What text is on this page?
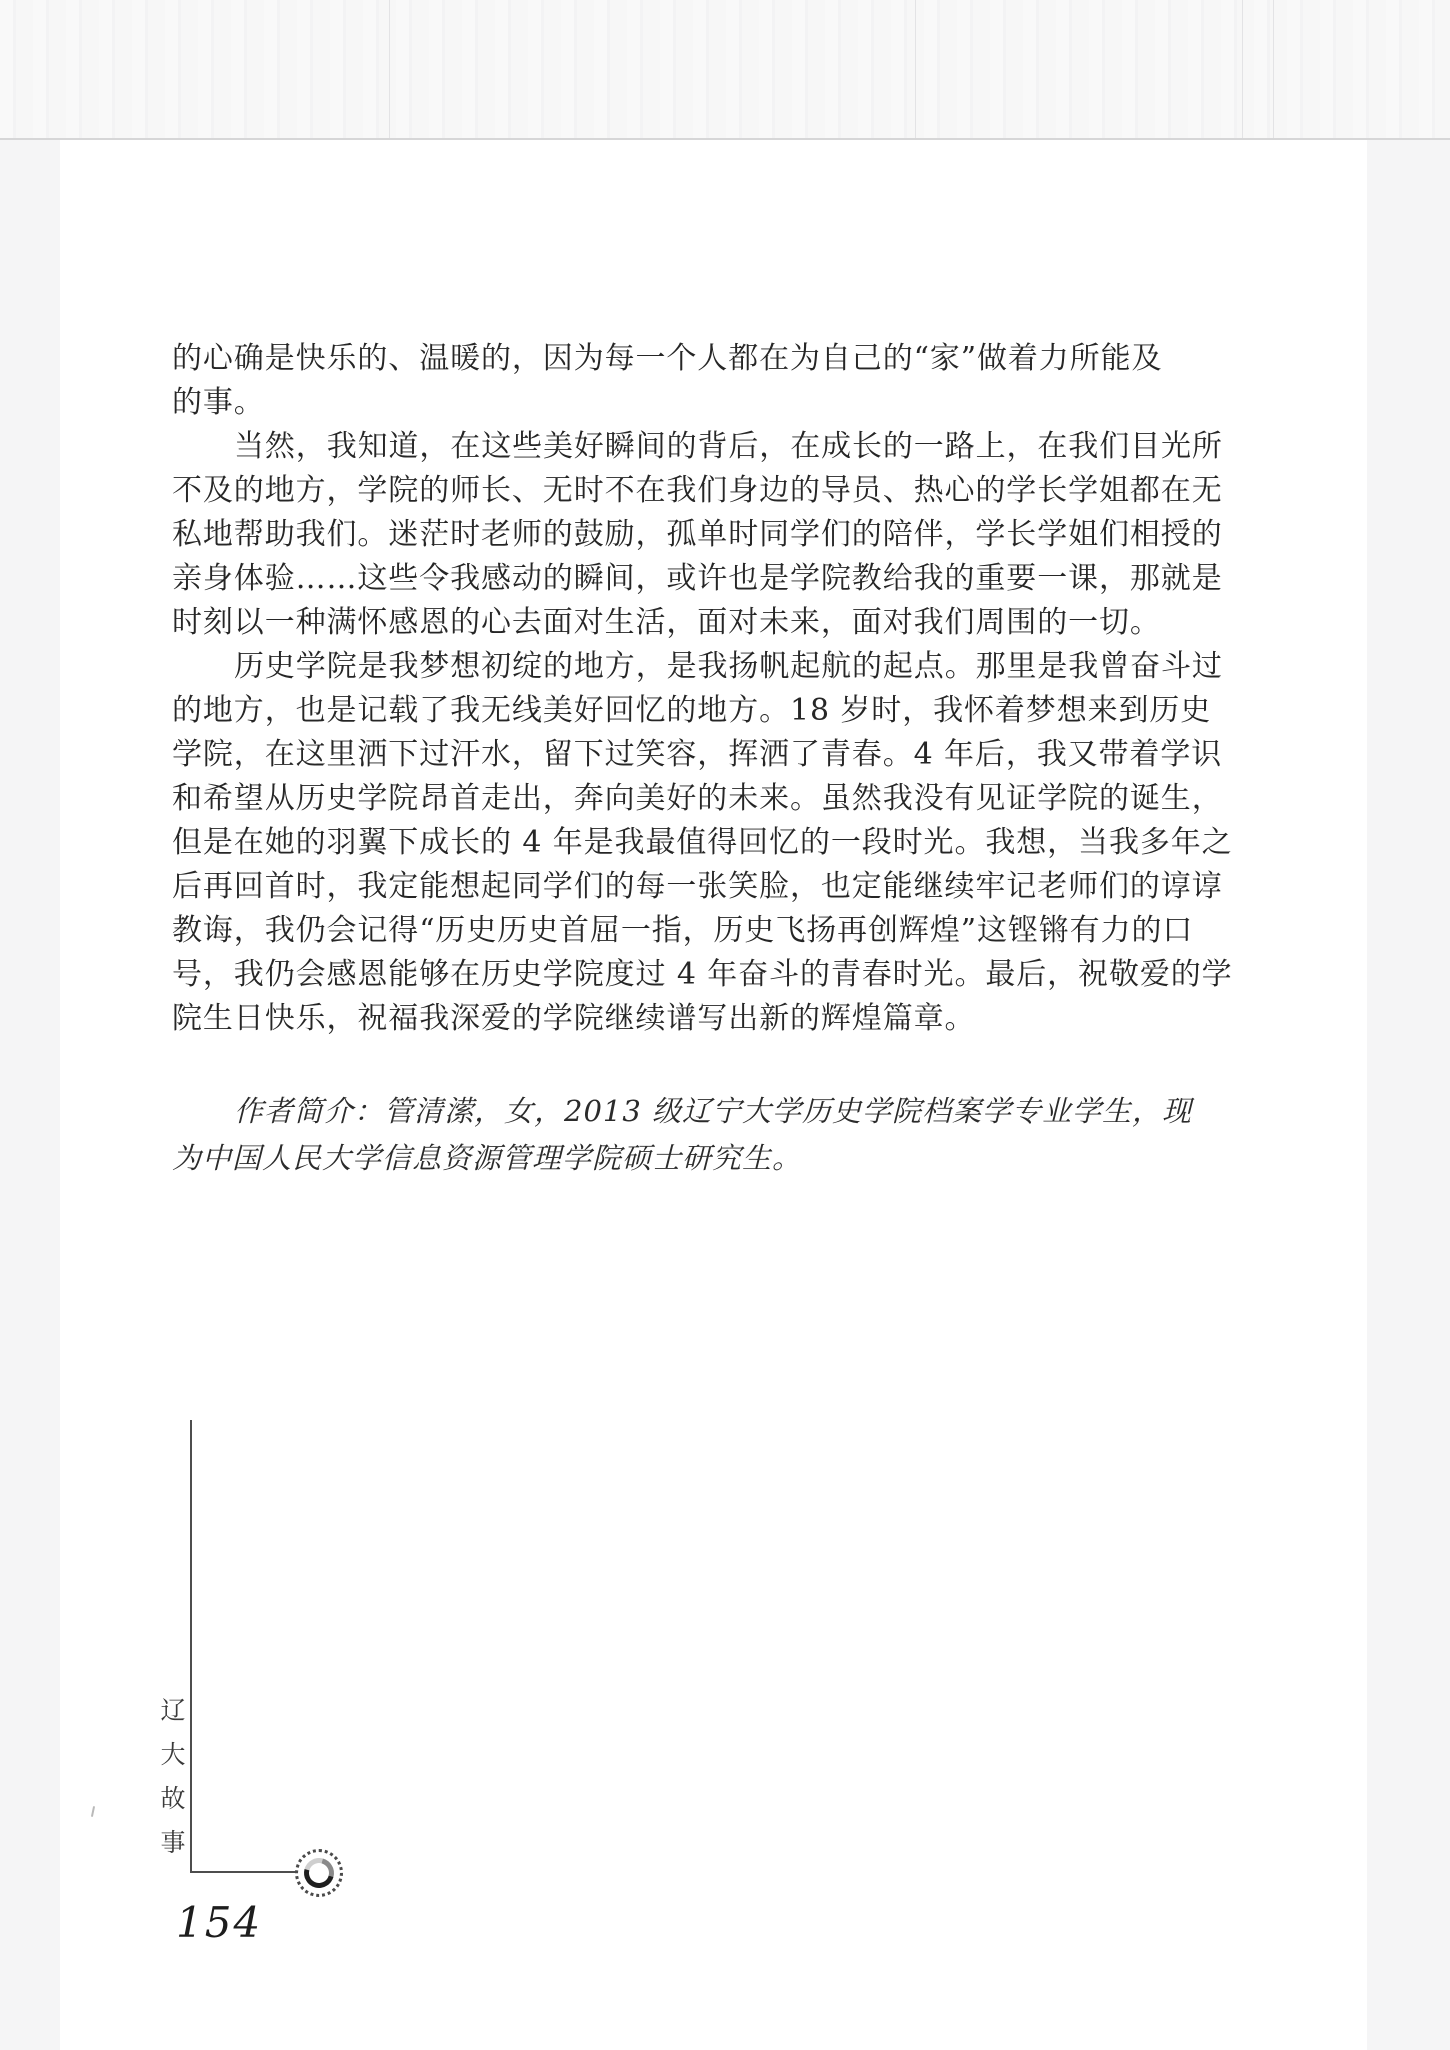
的心确是快乐的、温暖的，因为每一个人都在为自己的“家”做着力所能及
的事。
当然，我知道，在这些美好瞬间的背后，在成长的一路上，在我们目光所
不及的地方，学院的师长、无时不在我们身边的导员、热心的学长学姐都在无
私地帮助我们。迷茫时老师的鼓励，孤单时同学们的陪伴，学长学姐们相授的
亲身体验……这些令我感动的瞬间，或许也是学院教给我的重要一课，那就是
时刻以一种满怀感恩的心去面对生活，面对未来，面对我们周围的一切。
历史学院是我梦想初绽的地方，是我扬帆起航的起点。那里是我曾奋斗过
的地方，也是记载了我无线美好回忆的地方。18 岁时，我怀着梦想来到历史
学院，在这里洒下过汗水，留下过笑容，挥洒了青春。4 年后，我又带着学识
和希望从历史学院昂首走出，奔向美好的未来。虽然我没有见证学院的诞生，
但是在她的羽翼下成长的 4 年是我最值得回忆的一段时光。我想，当我多年之
后再回首时，我定能想起同学们的每一张笑脸，也定能继续牢记老师们的谆谆
教诲，我仍会记得“历史历史首屈一指，历史飞扬再创辉煌”这铿锵有力的口
号，我仍会感恩能够在历史学院度过 4 年奋斗的青春时光。最后，祝敬爱的学
院生日快乐，祝福我深爱的学院继续谱写出新的辉煌篇章。
作者简介：管清潆，女，2013 级辽宁大学历史学院档案学专业学生，现
为中国人民大学信息资源管理学院硕士研究生。
辽
大
故
事
154
